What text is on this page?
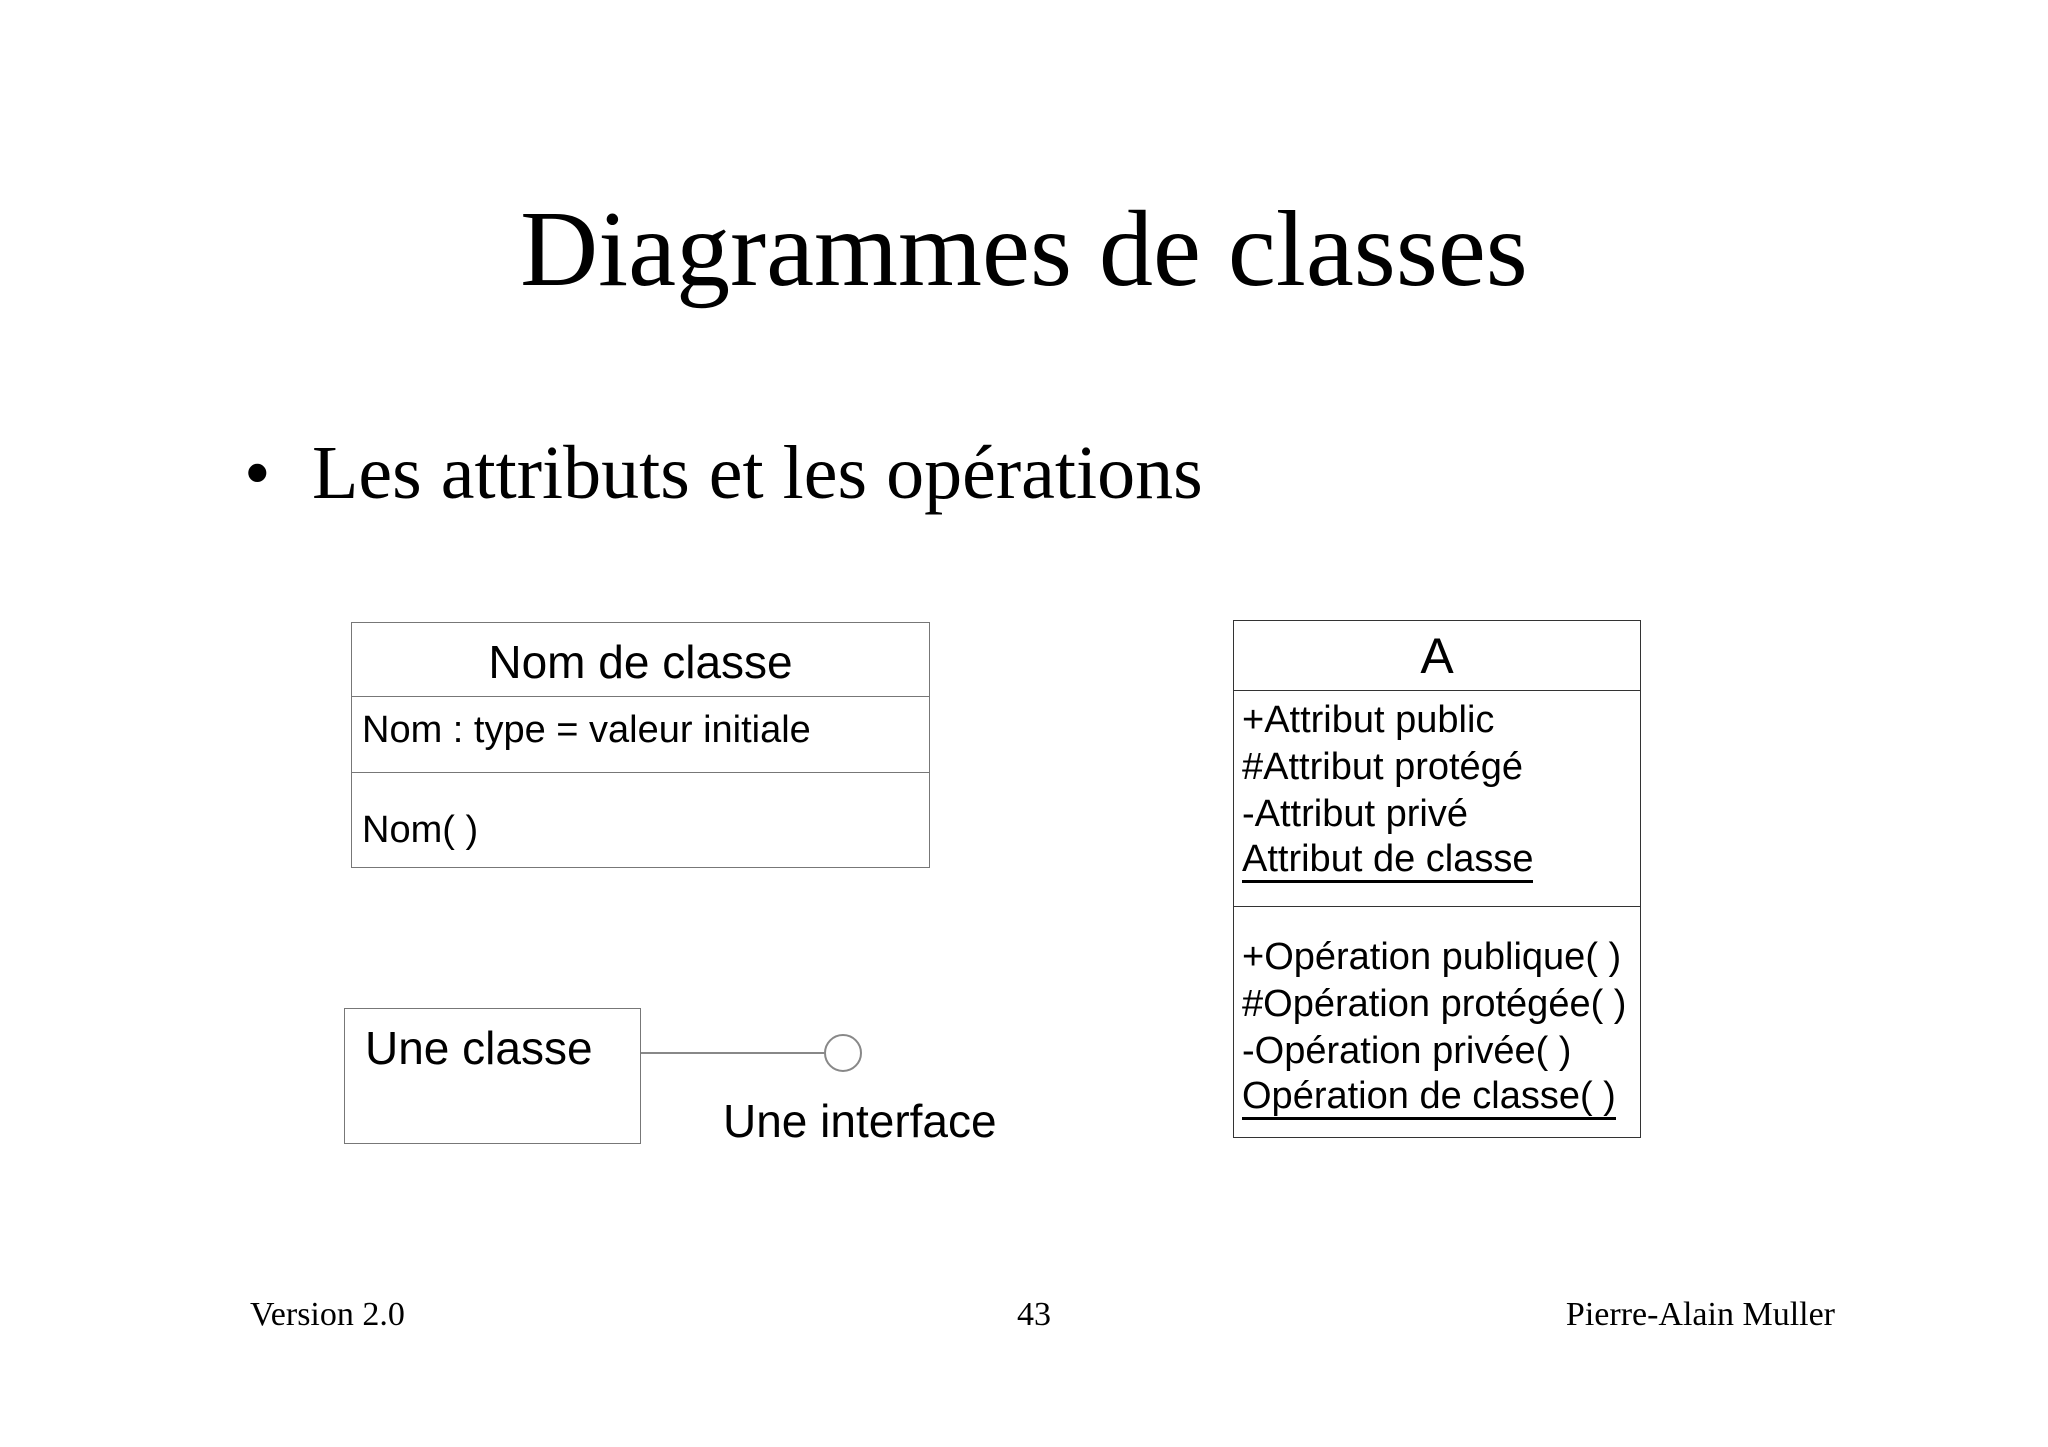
Diagrammes de classes
• Les attributs et les opérations
Nom de classe
Nom : type = valeur initiale
Nom( )
A
+Attribut public
#Attribut protégé
-Attribut privé
Attribut de classe
+Opération publique( )
#Opération protégée( )
-Opération privée( )
Opération de classe( )
Une classe
Une interface
Version 2.0	43	Pierre-Alain Muller
